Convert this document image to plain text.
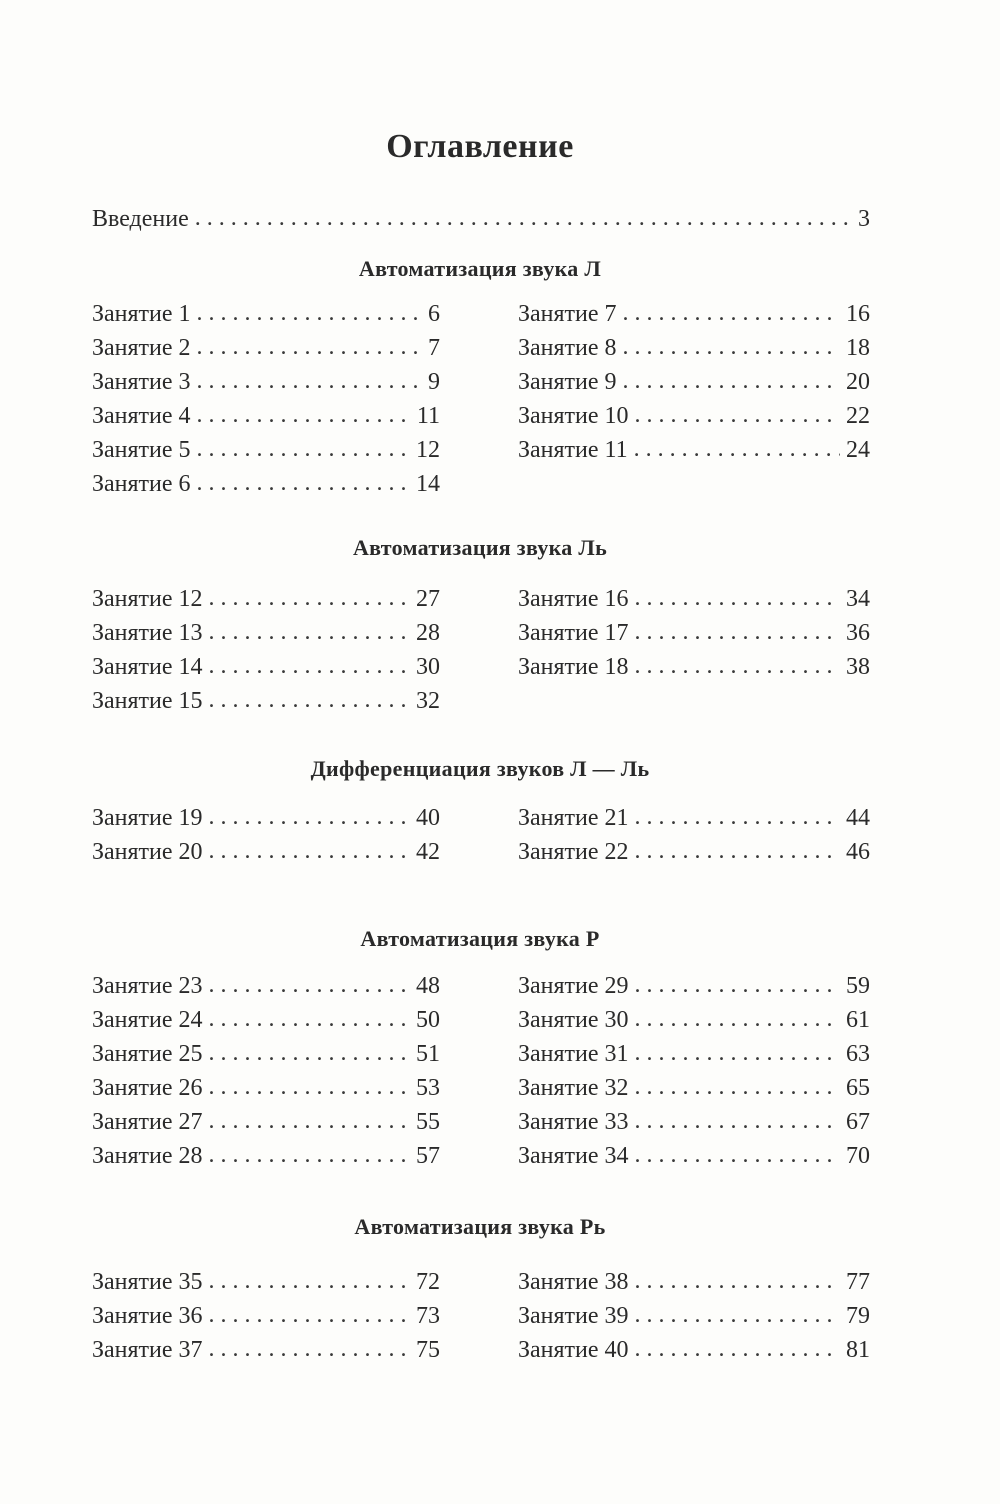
Оглавление
Введение . . .	3
Автоматизация звука Л
Занятие 1 . . .	6
Занятие 2 . . .	7
Занятие 3 . . .	9
Занятие 4 . . .	11
Занятие 5 . . .	12
Занятие 6 . . .	14
Занятие 7 . . .	16
Занятие 8 . . .	18
Занятие 9 . . .	20
Занятие 10 . . .	22
Занятие 11 . . .	24
Автоматизация звука Ль
Занятие 12 . . .	27
Занятие 13 . . .	28
Занятие 14 . . .	30
Занятие 15 . . .	32
Занятие 16 . . .	34
Занятие 17 . . .	36
Занятие 18 . . .	38
Дифференциация звуков Л — Ль
Занятие 19 . . .	40
Занятие 20 . . .	42
Занятие 21 . . .	44
Занятие 22 . . .	46
Автоматизация звука Р
Занятие 23 . . .	48
Занятие 24 . . .	50
Занятие 25 . . .	51
Занятие 26 . . .	53
Занятие 27 . . .	55
Занятие 28 . . .	57
Занятие 29 . . .	59
Занятие 30 . . .	61
Занятие 31 . . .	63
Занятие 32 . . .	65
Занятие 33 . . .	67
Занятие 34 . . .	70
Автоматизация звука Рь
Занятие 35 . . .	72
Занятие 36 . . .	73
Занятие 37 . . .	75
Занятие 38 . . .	77
Занятие 39 . . .	79
Занятие 40 . . .	81
